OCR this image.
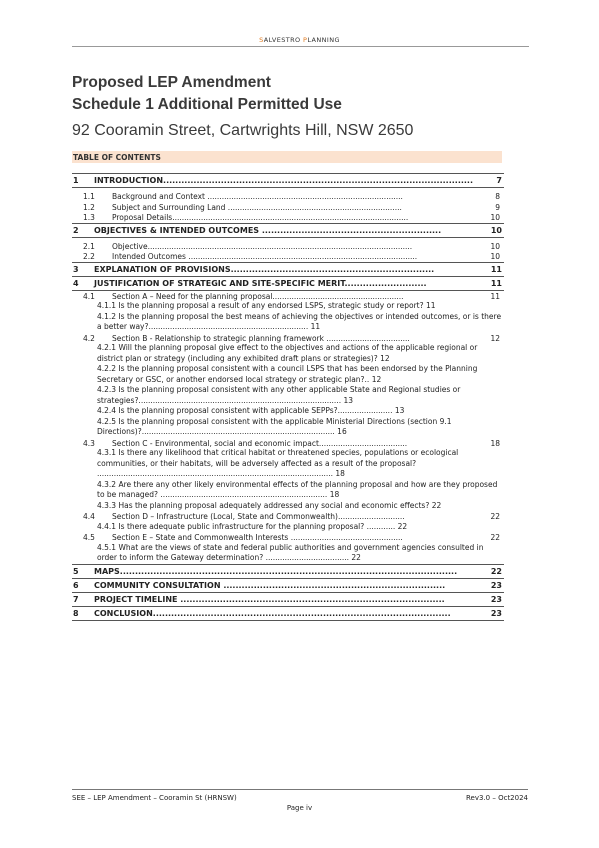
SALVESTRO PLANNING
Proposed LEP Amendment
Schedule 1 Additional Permitted Use
92 Cooramin Street, Cartwrights Hill, NSW 2650
TABLE OF CONTENTS
1 INTRODUCTION......................................................................................................	7
1.1 Background and Context ..................................................................................	8
1.2 Subject and Surrounding Land .........................................................................	9
1.3 Proposal Details...................................................................................................	10
2 OBJECTIVES & INTENDED OUTCOMES ...........................................................	10
2.1 Objective...............................................................................................................	10
2.2 Intended Outcomes ................................................................................................	10
3 EXPLANATION OF PROVISIONS...................................................................	11
4 JUSTIFICATION OF STRATEGIC AND SITE-SPECIFIC MERIT...........................	11
4.1 Section A – Need for the planning proposal.......................................................	11
4.1.1 Is the planning proposal a result of any endorsed LSPS, strategic study or report? 11
4.1.2 Is the planning proposal the best means of achieving the objectives or intended outcomes, or is there a better way?................................................................... 11
4.2 Section B - Relationship to strategic planning framework ...................................	12
4.2.1 Will the planning proposal give effect to the objectives and actions of the applicable regional or district plan or strategy (including any exhibited draft plans or strategies)? 12
4.2.2 Is the planning proposal consistent with a council LSPS that has been endorsed by the Planning Secretary or GSC, or another endorsed local strategy or strategic plan?.. 12
4.2.3 Is the planning proposal consistent with any other applicable State and Regional studies or strategies?..................................................................................... 13
4.2.4 Is the planning proposal consistent with applicable SEPPs?....................... 13
4.2.5 Is the planning proposal consistent with the applicable Ministerial Directions (section 9.1 Directions)?................................................................................. 16
4.3 Section C - Environmental, social and economic impact.....................................	18
4.3.1 Is there any likelihood that critical habitat or threatened species, populations or ecological communities, or their habitats, will be adversely affected as a result of the proposal? ................................................................................................... 18
4.3.2 Are there any other likely environmental effects of the planning proposal and how are they proposed to be managed? ...................................................................... 18
4.3.3 Has the planning proposal adequately addressed any social and economic effects? 22
4.4 Section D – Infrastructure (Local, State and Commonwealth)............................	22
4.4.1 Is there adequate public infrastructure for the planning proposal? ............ 22
4.5 Section E – State and Commonwealth Interests ...............................................	22
4.5.1 What are the views of state and federal public authorities and government agencies consulted in order to inform the Gateway determination? ................................... 22
5 MAPS...............................................................................................................	22
6 COMMUNITY CONSULTATION .........................................................................	23
7 PROJECT TIMELINE .......................................................................................	23
8 CONCLUSION..................................................................................................	23
SEE – LEP Amendment – Cooramin St (HRNSW)	Rev3.0 – Oct2024
Page iv
